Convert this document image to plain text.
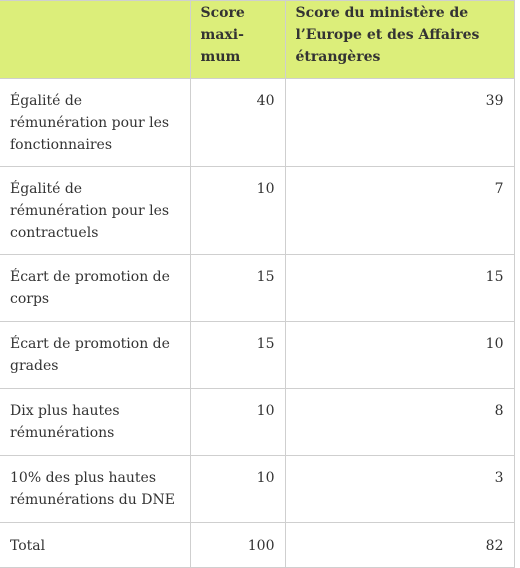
	Score maximum	Score du ministère de l’Europe et des Affaires étrangères
Égalité de rémunération pour les fonctionnaires	40	39
Égalité de rémunération pour les contractuels	10	7
Écart de promotion de corps	15	15
Écart de promotion de grades	15	10
Dix plus hautes rémunérations	10	8
10% des plus hautes rémunérations du DNE	10	3
Total	100	82
